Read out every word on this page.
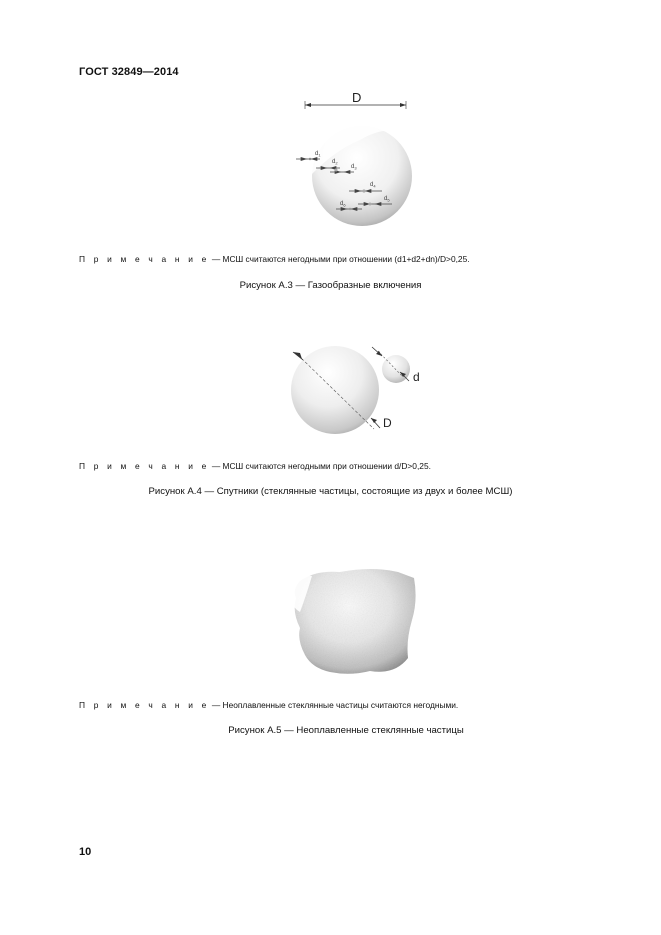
ГОСТ 32849—2014
D
$d_1$
$d_2$
$d_3$
$d_4$
$d_6$
$d_5$
П р и м е ч а н и е — МСШ считаются негодными при отношении (d1+d2+dn)/D>0,25.
Рисунок А.3 — Газообразные включения
d
D
П р и м е ч а н и е — МСШ считаются негодными при отношении d/D>0,25.
Рисунок А.4 — Спутники (стеклянные частицы, состоящие из двух и более МСШ)
П р и м е ч а н и е — Неоплавленные стеклянные частицы считаются негодными.
Рисунок А.5 — Неоплавленные стеклянные частицы
10
